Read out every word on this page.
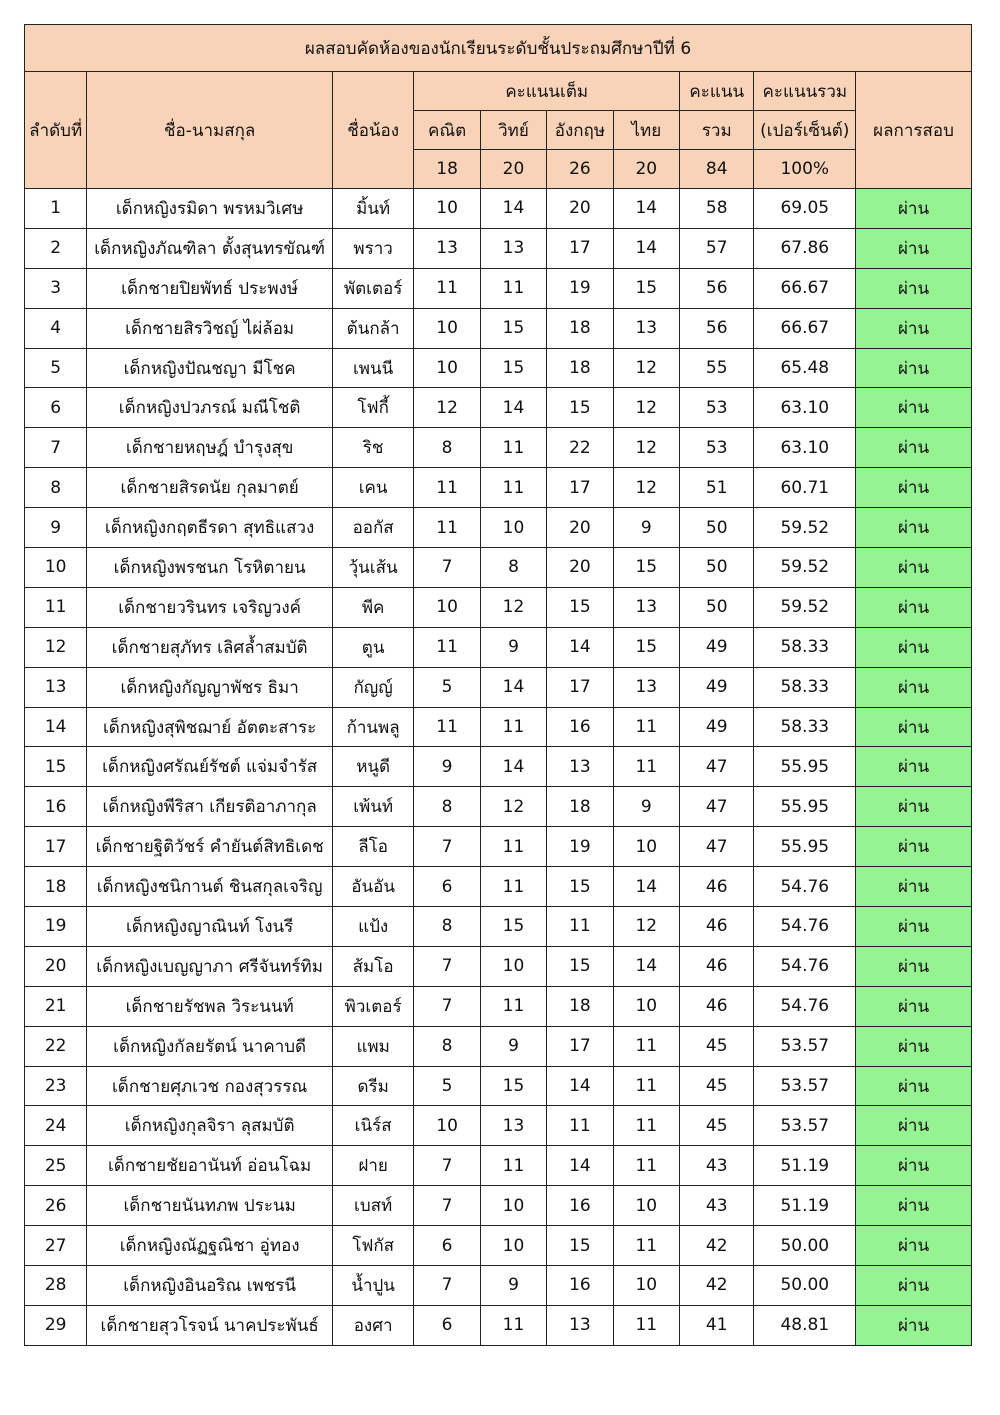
ผลสอบคัดห้องของนักเรียนระดับชั้นประถมศึกษาปีที่ 6									
ลำดับที่	ชื่อ-นามสกุล	ชื่อน้อง	คะแนนเต็ม				คะแนน	คะแนนรวม	ผลการสอบ
			คณิต	วิทย์	อังกฤษ	ไทย	รวม	(เปอร์เซ็นต์)	
			18	20	26	20	84	100%	
1	เด็กหญิงรมิดา พรหมวิเศษ	มิ้นท์	10	14	20	14	58	69.05	ผ่าน
2	เด็กหญิงภัณฑิลา ตั้งสุนทรขัณฑ์	พราว	13	13	17	14	57	67.86	ผ่าน
3	เด็กชายปิยพัทธ์ ประพงษ์	พัตเตอร์	11	11	19	15	56	66.67	ผ่าน
4	เด็กชายสิรวิชญ์ ไผ่ล้อม	ต้นกล้า	10	15	18	13	56	66.67	ผ่าน
5	เด็กหญิงปัณชญา มีโชค	เพนนี	10	15	18	12	55	65.48	ผ่าน
6	เด็กหญิงปวภรณ์ มณีโชติ	โฟกี้	12	14	15	12	53	63.10	ผ่าน
7	เด็กชายหฤษฎ์ บำรุงสุข	ริช	8	11	22	12	53	63.10	ผ่าน
8	เด็กชายสิรดนัย กุลมาตย์	เคน	11	11	17	12	51	60.71	ผ่าน
9	เด็กหญิงกฤตธีรดา สุทธิแสวง	ออกัส	11	10	20	9	50	59.52	ผ่าน
10	เด็กหญิงพรชนก โรหิตายน	วุ้นเส้น	7	8	20	15	50	59.52	ผ่าน
11	เด็กชายวรินทร เจริญวงค์	พีค	10	12	15	13	50	59.52	ผ่าน
12	เด็กชายสุภัทร เลิศล้ำสมบัติ	ตูน	11	9	14	15	49	58.33	ผ่าน
13	เด็กหญิงกัญญาพัชร ธิมา	กัญญ์	5	14	17	13	49	58.33	ผ่าน
14	เด็กหญิงสุพิชฌาย์ อัตตะสาระ	ก้านพลู	11	11	16	11	49	58.33	ผ่าน
15	เด็กหญิงศรัณย์รัชต์ แจ่มจำรัส	หนูดี	9	14	13	11	47	55.95	ผ่าน
16	เด็กหญิงพีริสา เกียรติอาภากุล	เพ้นท์	8	12	18	9	47	55.95	ผ่าน
17	เด็กชายฐิติวัชร์ คำยันต์สิทธิเดช	ลีโอ	7	11	19	10	47	55.95	ผ่าน
18	เด็กหญิงชนิกานต์ ชินสกุลเจริญ	อันอัน	6	11	15	14	46	54.76	ผ่าน
19	เด็กหญิงญาณินท์ โงนรี	แป้ง	8	15	11	12	46	54.76	ผ่าน
20	เด็กหญิงเบญญาภา ศรีจันทร์ทิม	ส้มโอ	7	10	15	14	46	54.76	ผ่าน
21	เด็กชายรัชพล วิระนนท์	พิวเตอร์	7	11	18	10	46	54.76	ผ่าน
22	เด็กหญิงกัลยรัตน์ นาคาบดี	แพม	8	9	17	11	45	53.57	ผ่าน
23	เด็กชายศุภเวช กองสุวรรณ	ดรีม	5	15	14	11	45	53.57	ผ่าน
24	เด็กหญิงกุลจิรา ลุสมบัติ	เนิร์ส	10	13	11	11	45	53.57	ผ่าน
25	เด็กชายชัยอานันท์ อ่อนโฉม	ฝาย	7	11	14	11	43	51.19	ผ่าน
26	เด็กชายนันทภพ ประนม	เบสท์	7	10	16	10	43	51.19	ผ่าน
27	เด็กหญิงณัฏฐณิชา อู่ทอง	โฟกัส	6	10	15	11	42	50.00	ผ่าน
28	เด็กหญิงอินอริณ เพชรนี	น้ำปูน	7	9	16	10	42	50.00	ผ่าน
29	เด็กชายสุวโรจน์ นาคประพันธ์	องศา	6	11	13	11	41	48.81	ผ่าน
